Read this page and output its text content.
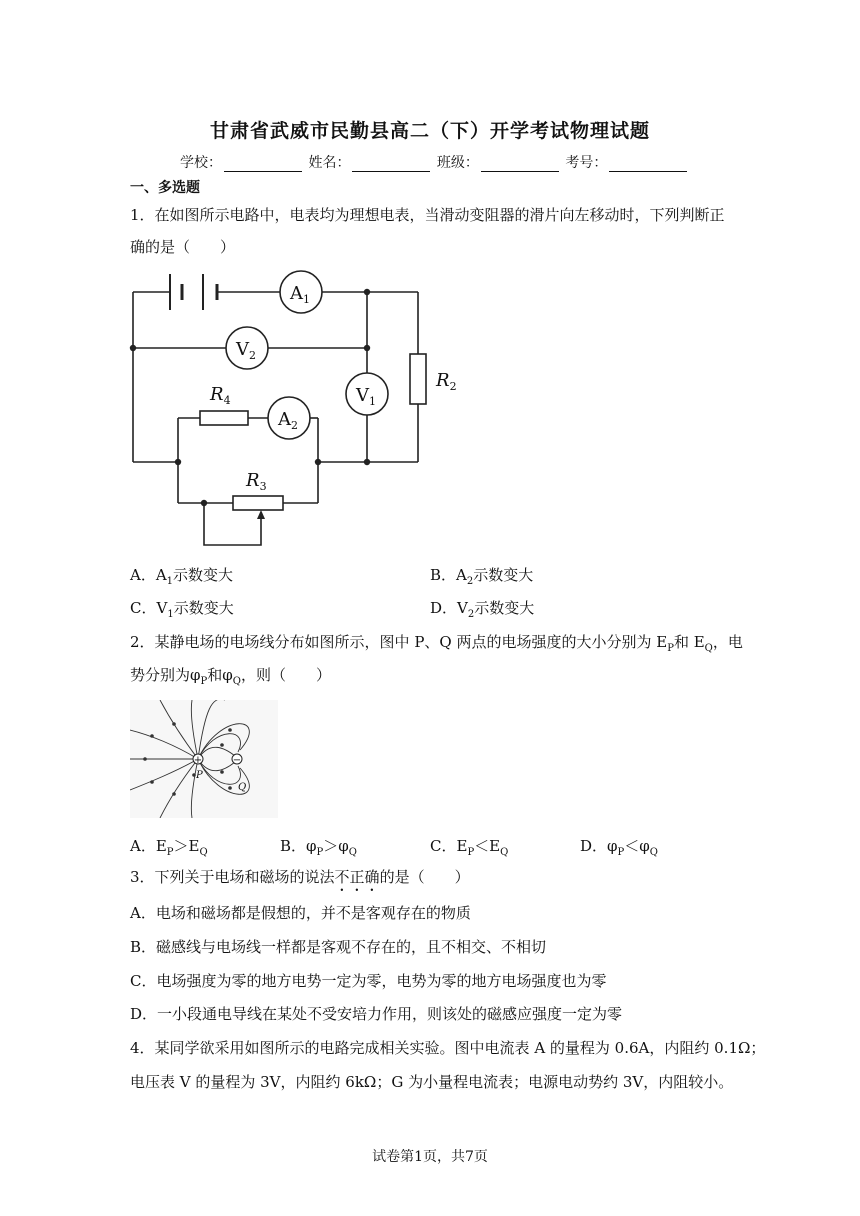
甘肃省武威市民勤县高二（下）开学考试物理试题
学校：	姓名：	班级：	考号：
一、多选题
1．在如图所示电路中，电表均为理想电表，当滑动变阻器的滑片向左移动时，下列判断正
确的是（　　）
$A_1$
$V_2$
$V_1$
$A_2$
$R_4$
$R_3$
$R_2$
A．$A_1$示数变大	B．$A_2$示数变大
C．$V_1$示数变大	D．$V_2$示数变大
2．某静电场的电场线分布如图所示，图中 P、Q 两点的电场强度的大小分别为 $E_P$和 $E_Q$，电
势分别为$\varphi_P$和$\varphi_Q$，则（　　）
+	−
P
Q
A．$E_P>E_Q$	B．$\varphi_P>\varphi_Q$	C．$E_P<E_Q$	D．$\varphi_P<\varphi_Q$
3．下列关于电场和磁场的说法不正确的是（　　）
A．电场和磁场都是假想的，并不是客观存在的物质
B．磁感线与电场线一样都是客观不存在的，且不相交、不相切
C．电场强度为零的地方电势一定为零，电势为零的地方电场强度也为零
D．一小段通电导线在某处不受安培力作用，则该处的磁感应强度一定为零
4．某同学欲采用如图所示的电路完成相关实验。图中电流表 A 的量程为 0.6A，内阻约 0.1Ω；
电压表 V 的量程为 3V，内阻约 6kΩ；G 为小量程电流表；电源电动势约 3V，内阻较小。
试卷第1页，共7页
